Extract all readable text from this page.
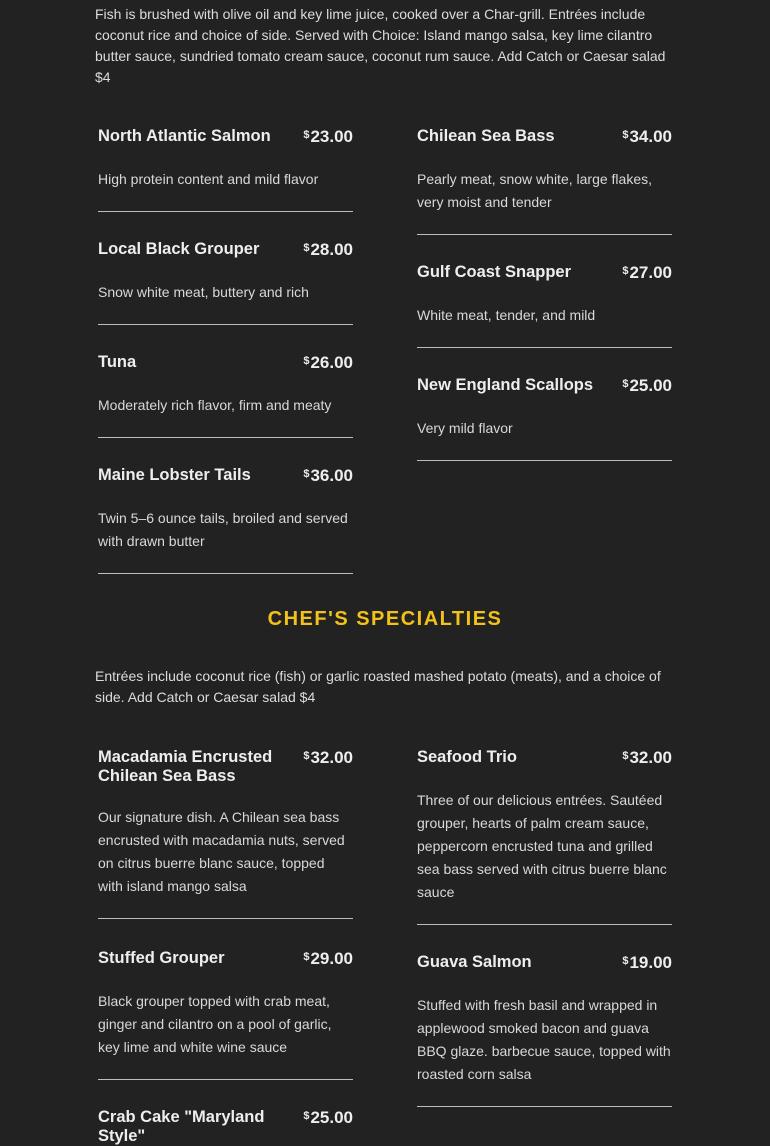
Fish is brushed with olive oil and key lime juice, cooked over a Char-grill. Entrées include coconut rice and choice of side. Served with Choice: Island mango salsa, key lime cilantro butter sauce, sundried tomato cream sauce, coconut rum sauce. Add Catch or Caesar salad $4
North Atlantic Salmon	$23.00
High protein content and mild flavor
Chilean Sea Bass	$34.00
Pearly meat, snow white, large flakes, very moist and tender
Local Black Grouper	$28.00
Snow white meat, buttery and rich
Gulf Coast Snapper	$27.00
White meat, tender, and mild
Tuna	$26.00
Moderately rich flavor, firm and meaty
New England Scallops	$25.00
Very mild flavor
Maine Lobster Tails	$36.00
Twin 5–6 ounce tails, broiled and served with drawn butter
CHEF'S SPECIALTIES
Entrées include coconut rice (fish) or garlic roasted mashed potato (meats), and a choice of side. Add Catch or Caesar salad $4
Macadamia Encrusted Chilean Sea Bass
$32.00
Our signature dish. A Chilean sea bass encrusted with macadamia nuts, served on citrus buerre blanc sauce, topped with island mango salsa
Seafood Trio	$32.00
Three of our delicious entrées. Sautéed grouper, hearts of palm cream sauce, peppercorn encrusted tuna and grilled sea bass served with citrus buerre blanc sauce
Stuffed Grouper	$29.00
Black grouper topped with crab meat, ginger and cilantro on a pool of garlic, key lime and white wine sauce
Guava Salmon	$19.00
Stuffed with fresh basil and wrapped in applewood smoked bacon and guava BBQ glaze. barbecue sauce, topped with roasted corn salsa
Crab Cake "Maryland Style"
$25.00
